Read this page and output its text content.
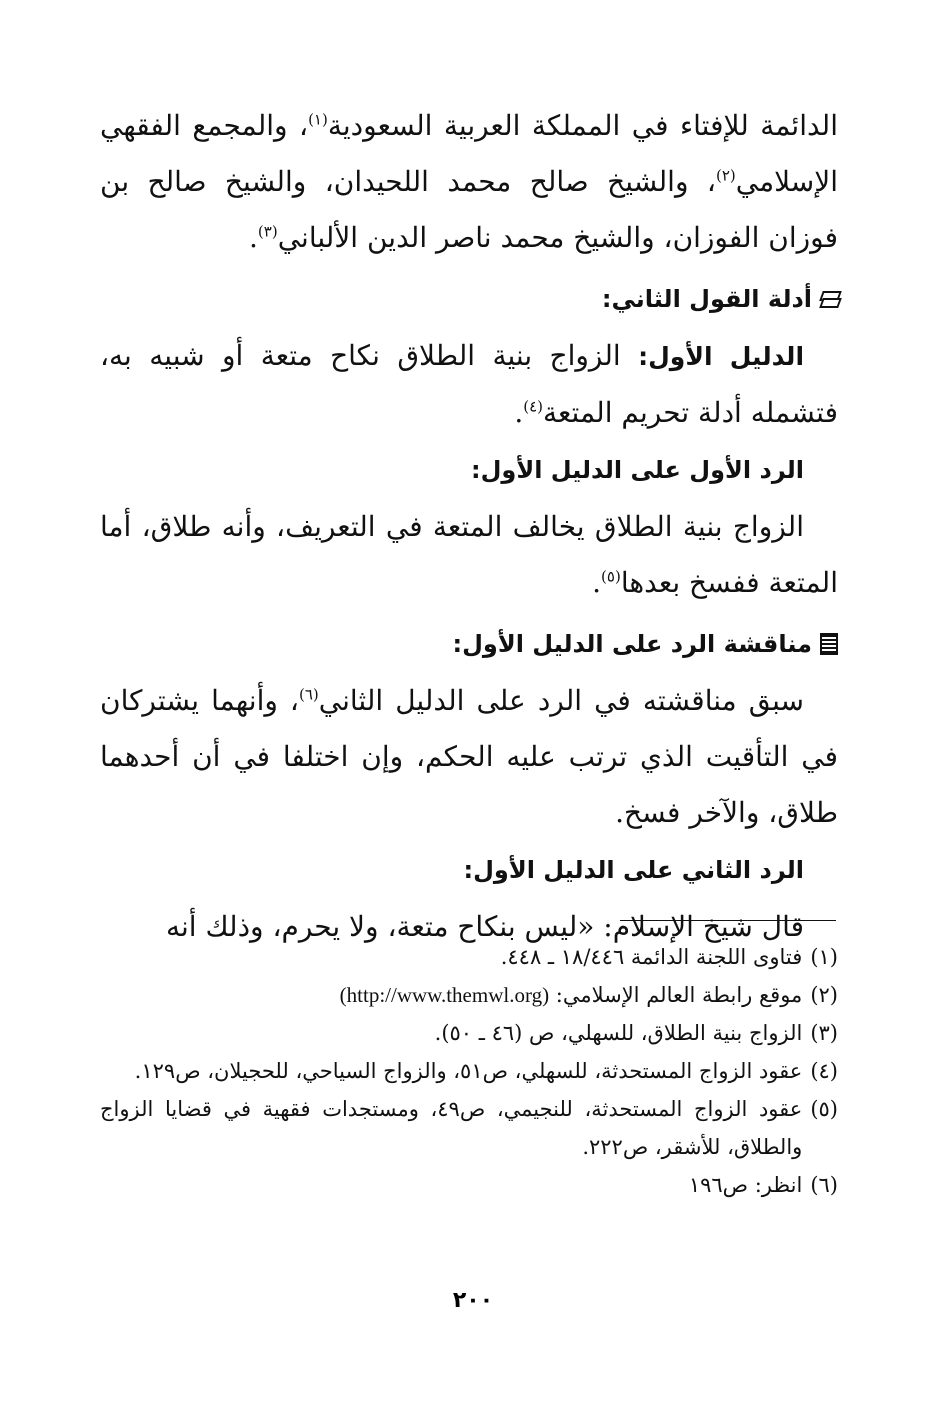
الدائمة للإفتاء في المملكة العربية السعودية$^{(١)}$، والمجمع الفقهي الإسلامي$^{(٢)}$، والشيخ صالح محمد اللحيدان، والشيخ صالح بن فوزان الفوزان، والشيخ محمد ناصر الدين الألباني$^{(٣)}$.

أدلة القول الثاني:

الدليل الأول: الزواج بنية الطلاق نكاح متعة أو شبيه به، فتشمله أدلة تحريم المتعة$^{(٤)}$.

الرد الأول على الدليل الأول:

الزواج بنية الطلاق يخالف المتعة في التعريف، وأنه طلاق، أما المتعة ففسخ بعدها$^{(٥)}$.

مناقشة الرد على الدليل الأول:

سبق مناقشته في الرد على الدليل الثاني$^{(٦)}$، وأنهما يشتركان في التأقيت الذي ترتب عليه الحكم، وإن اختلفا في أن أحدهما طلاق، والآخر فسخ.

الرد الثاني على الدليل الأول:

قال شيخ الإسلام: «ليس بنكاح متعة، ولا يحرم، وذلك أنه

(١)
فتاوى اللجنة الدائمة ١٨/٤٤٦ ـ ٤٤٨.

(٢)
موقع رابطة العالم الإسلامي: (http://www.themwl.org)

(٣)
الزواج بنية الطلاق، للسهلي، ص (٤٦ ـ ٥٠).

(٤)
عقود الزواج المستحدثة، للسهلي، ص٥١، والزواج السياحي، للحجيلان، ص١٢٩.

(٥)
عقود الزواج المستحدثة، للنجيمي، ص٤٩، ومستجدات فقهية في قضايا الزواج والطلاق، للأشقر، ص٢٢٢.

(٦)
انظر: ص١٩٦

٢٠٠
